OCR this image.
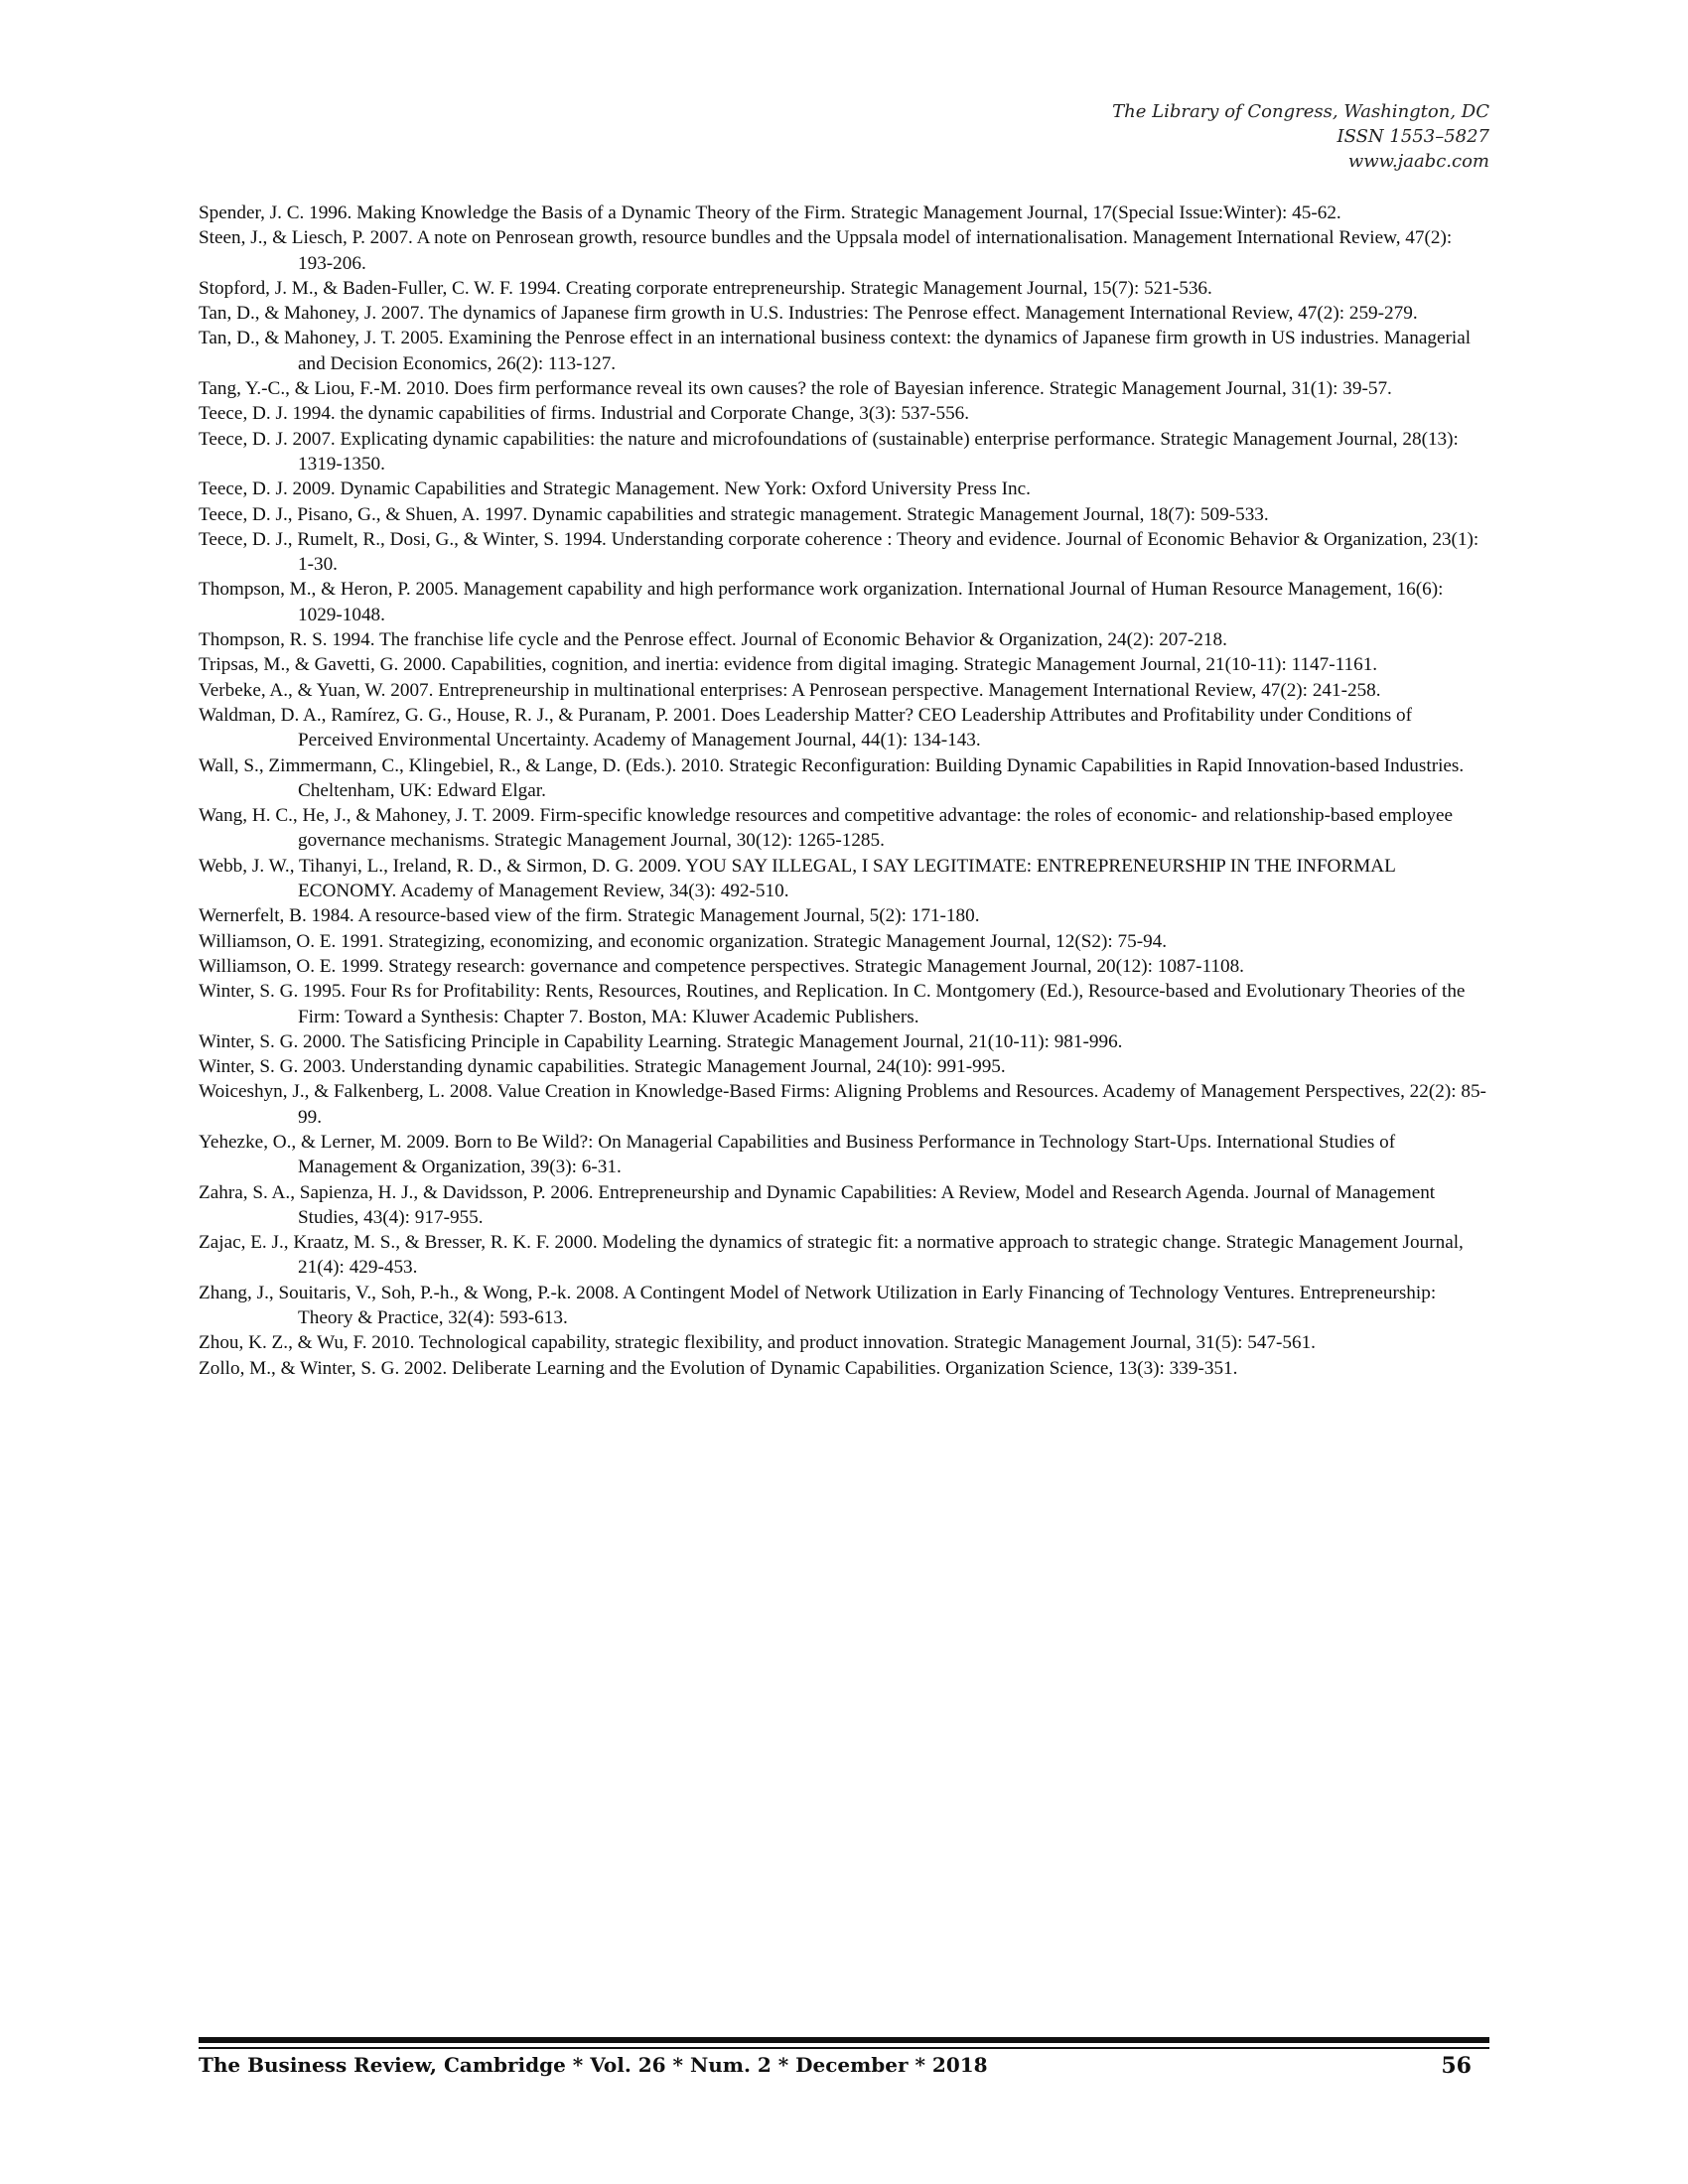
The Library of Congress, Washington, DC
ISSN 1553–5827
www.jaabc.com

Spender, J. C. 1996. Making Knowledge the Basis of a Dynamic Theory of the Firm. Strategic Management Journal, 17(Special Issue:Winter): 45-62.

Steen, J., & Liesch, P. 2007. A note on Penrosean growth, resource bundles and the Uppsala model of internationalisation. Management International Review, 47(2): 193-206.

Stopford, J. M., & Baden-Fuller, C. W. F. 1994. Creating corporate entrepreneurship. Strategic Management Journal, 15(7): 521-536.

Tan, D., & Mahoney, J. 2007. The dynamics of Japanese firm growth in U.S. Industries: The Penrose effect. Management International Review, 47(2): 259-279.

Tan, D., & Mahoney, J. T. 2005. Examining the Penrose effect in an international business context: the dynamics of Japanese firm growth in US industries. Managerial and Decision Economics, 26(2): 113-127.

Tang, Y.-C., & Liou, F.-M. 2010. Does firm performance reveal its own causes? the role of Bayesian inference. Strategic Management Journal, 31(1): 39-57.

Teece, D. J. 1994. the dynamic capabilities of firms. Industrial and Corporate Change, 3(3): 537-556.

Teece, D. J. 2007. Explicating dynamic capabilities: the nature and microfoundations of (sustainable) enterprise performance. Strategic Management Journal, 28(13): 1319-1350.

Teece, D. J. 2009. Dynamic Capabilities and Strategic Management. New York: Oxford University Press Inc.

Teece, D. J., Pisano, G., & Shuen, A. 1997. Dynamic capabilities and strategic management. Strategic Management Journal, 18(7): 509-533.

Teece, D. J., Rumelt, R., Dosi, G., & Winter, S. 1994. Understanding corporate coherence : Theory and evidence. Journal of Economic Behavior & Organization, 23(1): 1-30.

Thompson, M., & Heron, P. 2005. Management capability and high performance work organization. International Journal of Human Resource Management, 16(6): 1029-1048.

Thompson, R. S. 1994. The franchise life cycle and the Penrose effect. Journal of Economic Behavior & Organization, 24(2): 207-218.

Tripsas, M., & Gavetti, G. 2000. Capabilities, cognition, and inertia: evidence from digital imaging. Strategic Management Journal, 21(10-11): 1147-1161.

Verbeke, A., & Yuan, W. 2007. Entrepreneurship in multinational enterprises: A Penrosean perspective. Management International Review, 47(2): 241-258.

Waldman, D. A., Ramírez, G. G., House, R. J., & Puranam, P. 2001. Does Leadership Matter? CEO Leadership Attributes and Profitability under Conditions of Perceived Environmental Uncertainty. Academy of Management Journal, 44(1): 134-143.

Wall, S., Zimmermann, C., Klingebiel, R., & Lange, D. (Eds.). 2010. Strategic Reconfiguration: Building Dynamic Capabilities in Rapid Innovation-based Industries. Cheltenham, UK: Edward Elgar.

Wang, H. C., He, J., & Mahoney, J. T. 2009. Firm-specific knowledge resources and competitive advantage: the roles of economic- and relationship-based employee governance mechanisms. Strategic Management Journal, 30(12): 1265-1285.

Webb, J. W., Tihanyi, L., Ireland, R. D., & Sirmon, D. G. 2009. YOU SAY ILLEGAL, I SAY LEGITIMATE: ENTREPRENEURSHIP IN THE INFORMAL ECONOMY. Academy of Management Review, 34(3): 492-510.

Wernerfelt, B. 1984. A resource-based view of the firm. Strategic Management Journal, 5(2): 171-180.

Williamson, O. E. 1991. Strategizing, economizing, and economic organization. Strategic Management Journal, 12(S2): 75-94.

Williamson, O. E. 1999. Strategy research: governance and competence perspectives. Strategic Management Journal, 20(12): 1087-1108.

Winter, S. G. 1995. Four Rs for Profitability: Rents, Resources, Routines, and Replication. In C. Montgomery (Ed.), Resource-based and Evolutionary Theories of the Firm: Toward a Synthesis: Chapter 7. Boston, MA: Kluwer Academic Publishers.

Winter, S. G. 2000. The Satisficing Principle in Capability Learning. Strategic Management Journal, 21(10-11): 981-996.

Winter, S. G. 2003. Understanding dynamic capabilities. Strategic Management Journal, 24(10): 991-995.

Woiceshyn, J., & Falkenberg, L. 2008. Value Creation in Knowledge-Based Firms: Aligning Problems and Resources. Academy of Management Perspectives, 22(2): 85-99.

Yehezke, O., & Lerner, M. 2009. Born to Be Wild?: On Managerial Capabilities and Business Performance in Technology Start-Ups. International Studies of Management & Organization, 39(3): 6-31.

Zahra, S. A., Sapienza, H. J., & Davidsson, P. 2006. Entrepreneurship and Dynamic Capabilities: A Review, Model and Research Agenda. Journal of Management Studies, 43(4): 917-955.

Zajac, E. J., Kraatz, M. S., & Bresser, R. K. F. 2000. Modeling the dynamics of strategic fit: a normative approach to strategic change. Strategic Management Journal, 21(4): 429-453.

Zhang, J., Souitaris, V., Soh, P.-h., & Wong, P.-k. 2008. A Contingent Model of Network Utilization in Early Financing of Technology Ventures. Entrepreneurship: Theory & Practice, 32(4): 593-613.

Zhou, K. Z., & Wu, F. 2010. Technological capability, strategic flexibility, and product innovation. Strategic Management Journal, 31(5): 547-561.

Zollo, M., & Winter, S. G. 2002. Deliberate Learning and the Evolution of Dynamic Capabilities. Organization Science, 13(3): 339-351.

The Business Review, Cambridge * Vol. 26 * Num. 2 * December * 2018	56
